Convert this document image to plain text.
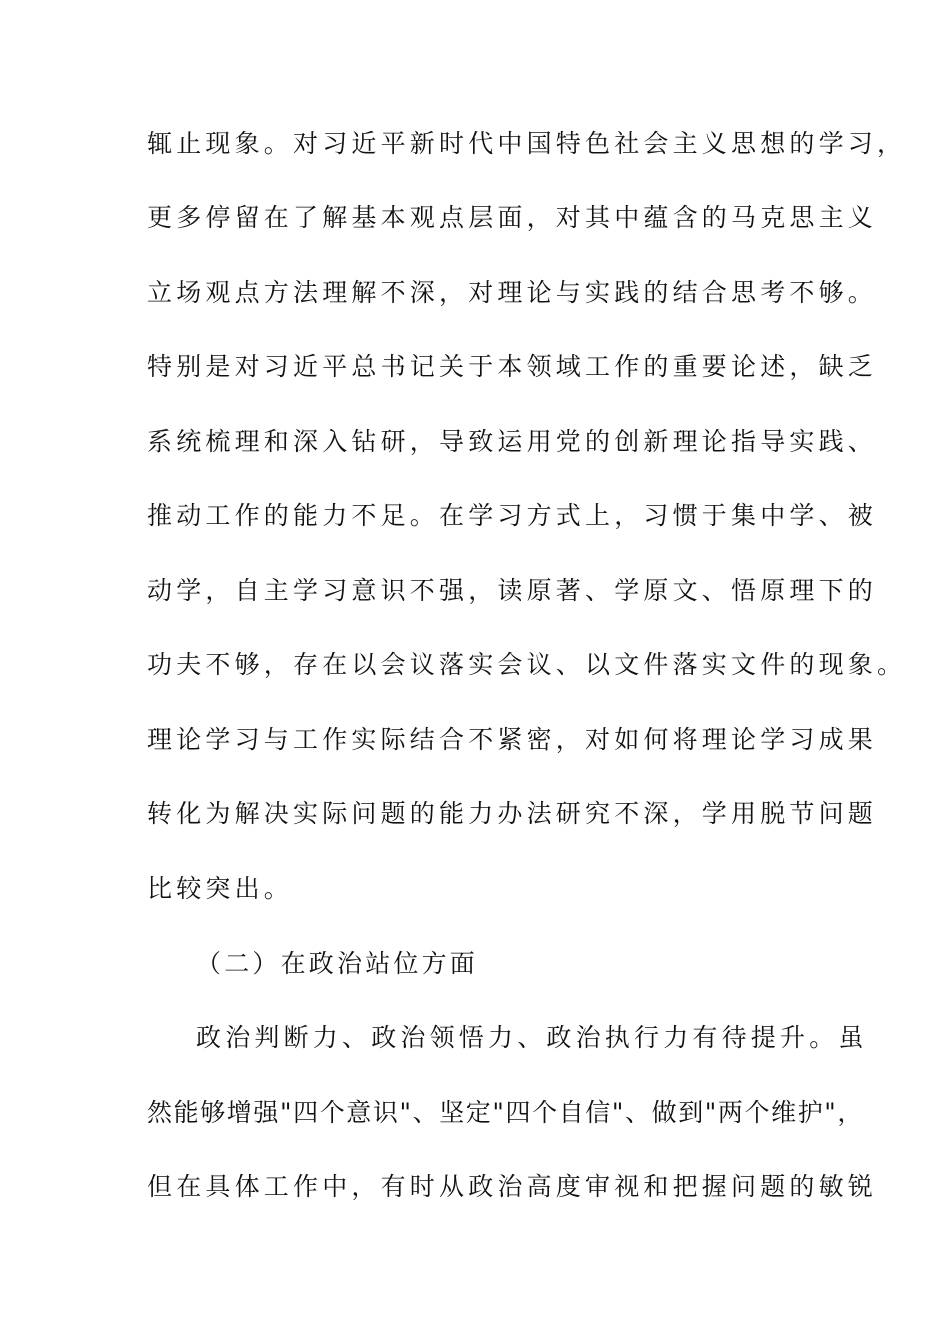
辄止现象。对习近平新时代中国特色社会主义思想的学习，
更多停留在了解基本观点层面，对其中蕴含的马克思主义
立场观点方法理解不深，对理论与实践的结合思考不够。
特别是对习近平总书记关于本领域工作的重要论述，缺乏
系统梳理和深入钻研，导致运用党的创新理论指导实践、
推动工作的能力不足。在学习方式上，习惯于集中学、被
动学，自主学习意识不强，读原著、学原文、悟原理下的
功夫不够，存在以会议落实会议、以文件落实文件的现象。
理论学习与工作实际结合不紧密，对如何将理论学习成果
转化为解决实际问题的能力办法研究不深，学用脱节问题
比较突出。
（二）在政治站位方面
政治判断力、政治领悟力、政治执行力有待提升。虽
然能够增强"四个意识"、坚定"四个自信"、做到"两个维护"，
但在具体工作中，有时从政治高度审视和把握问题的敏锐
